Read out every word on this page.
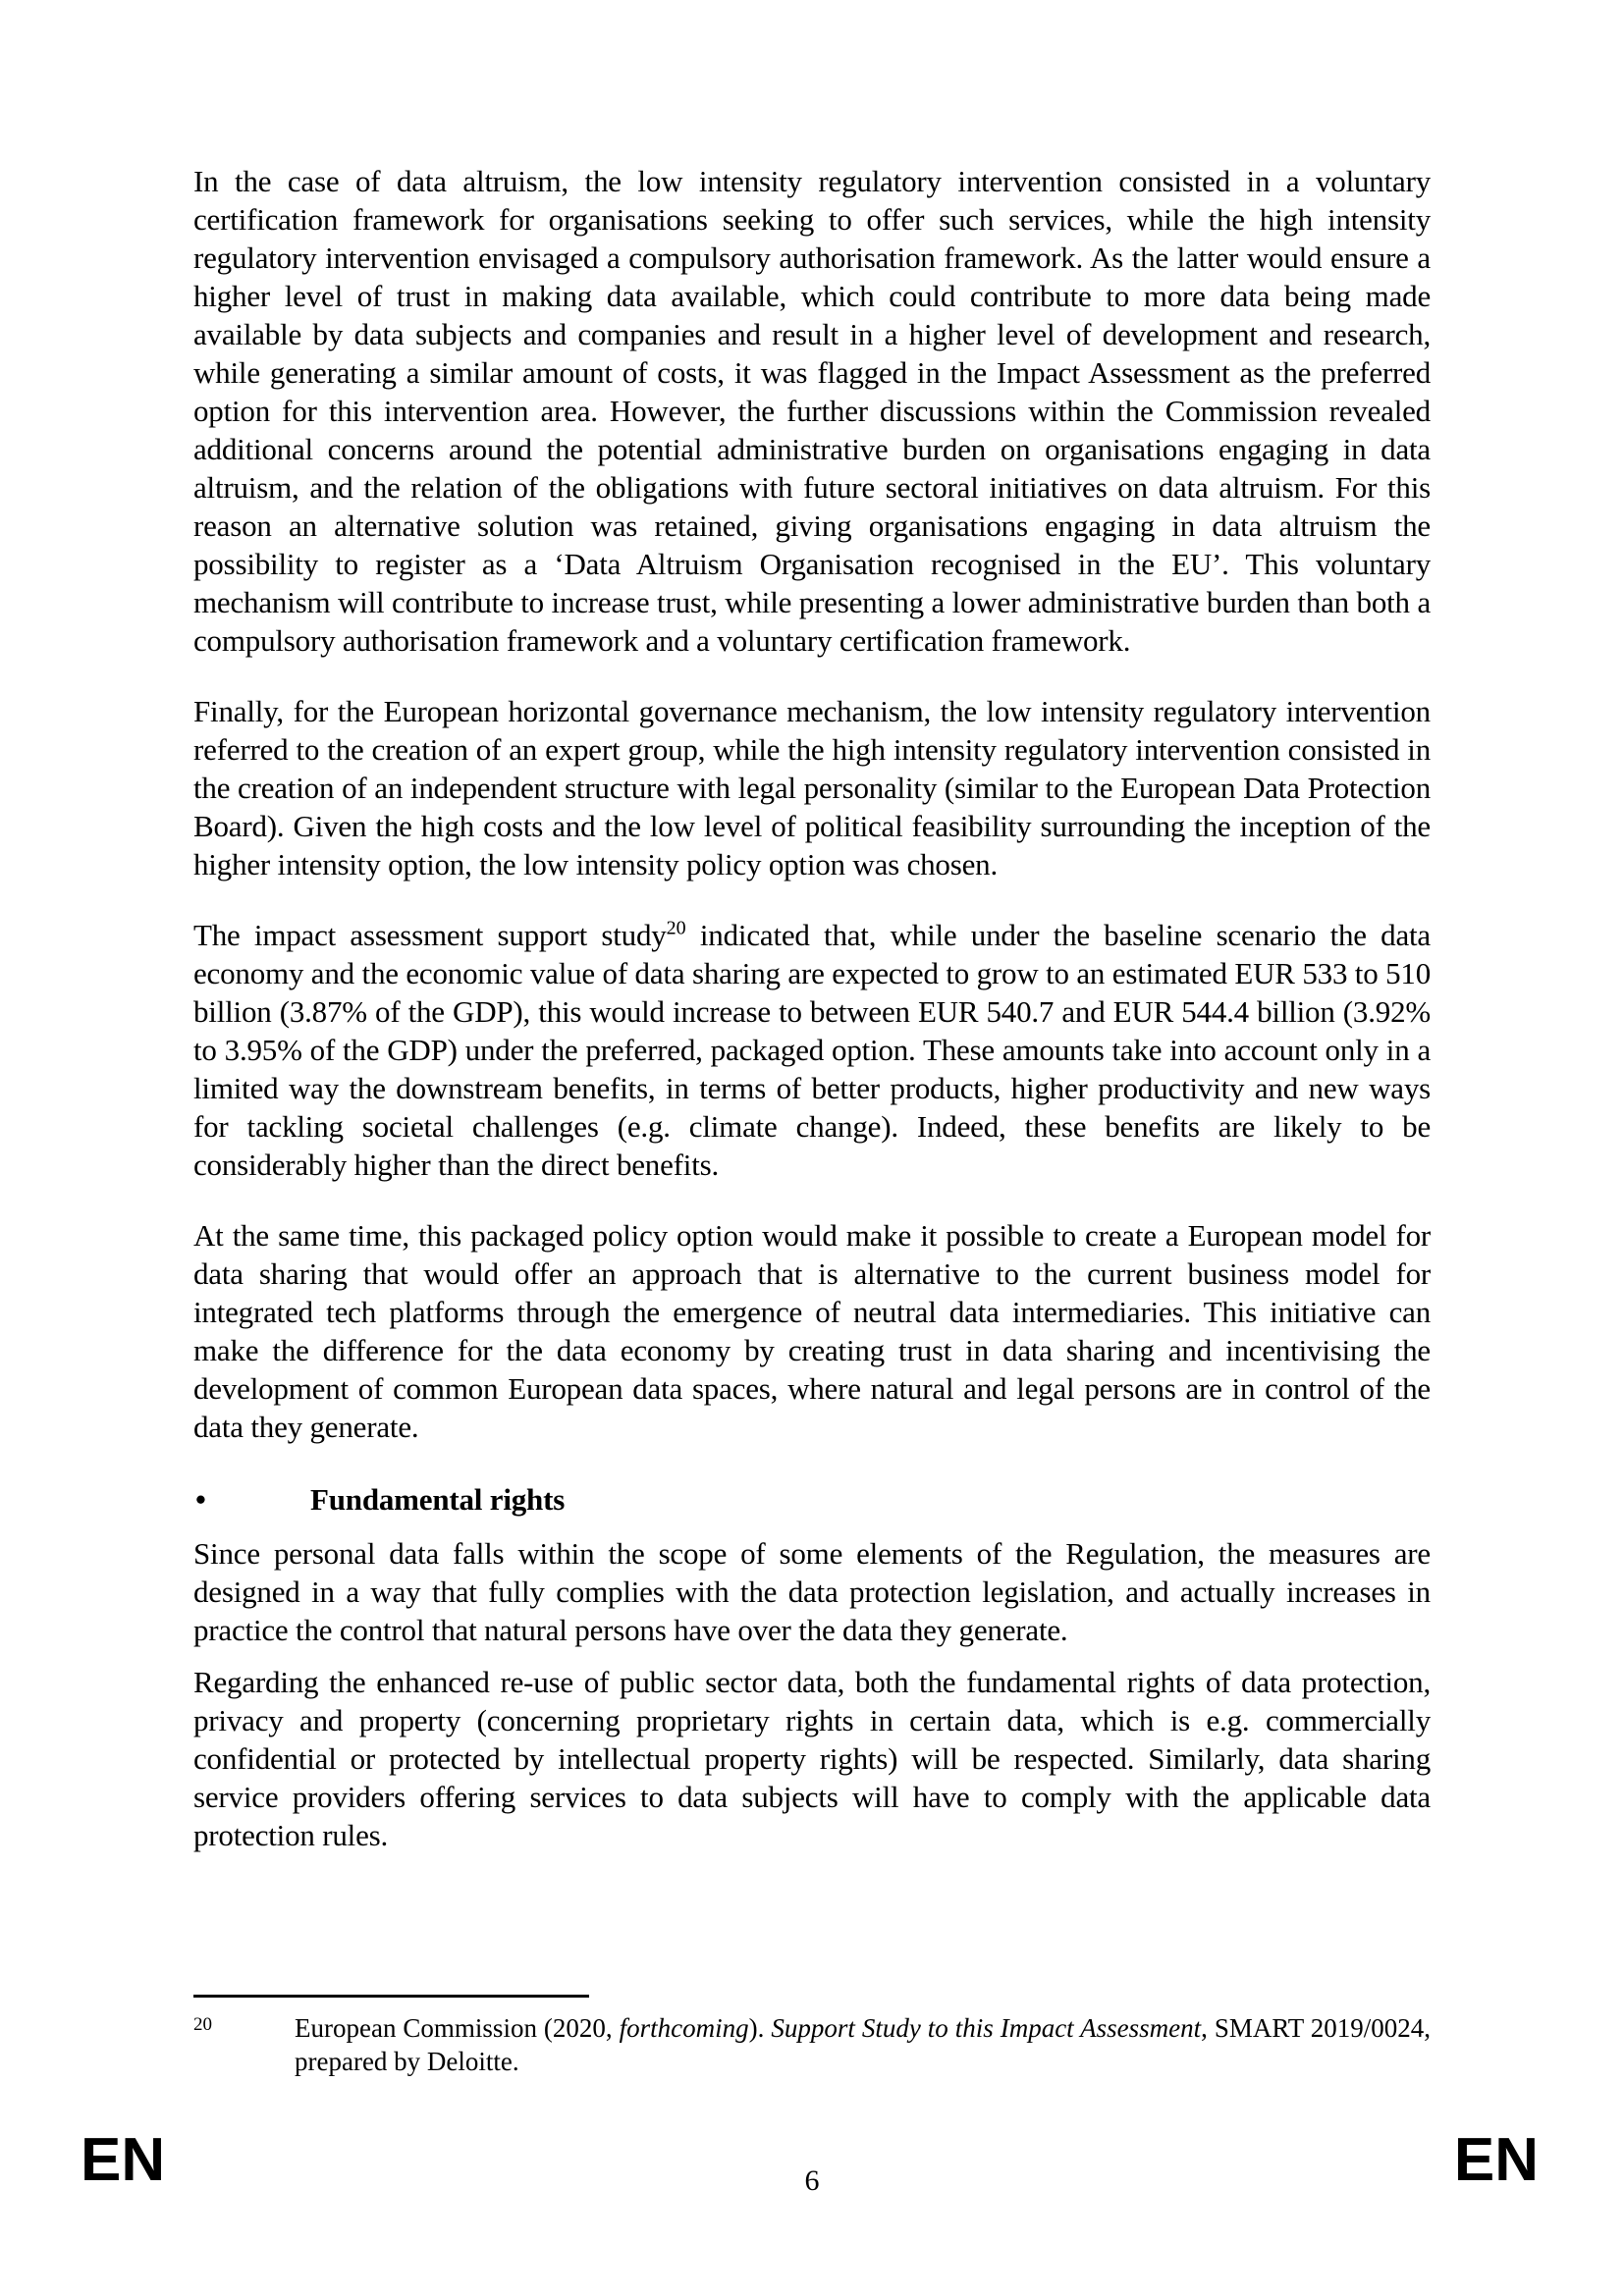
In the case of data altruism, the low intensity regulatory intervention consisted in a voluntary certification framework for organisations seeking to offer such services, while the high intensity regulatory intervention envisaged a compulsory authorisation framework. As the latter would ensure a higher level of trust in making data available, which could contribute to more data being made available by data subjects and companies and result in a higher level of development and research, while generating a similar amount of costs, it was flagged in the Impact Assessment as the preferred option for this intervention area. However, the further discussions within the Commission revealed additional concerns around the potential administrative burden on organisations engaging in data altruism, and the relation of the obligations with future sectoral initiatives on data altruism. For this reason an alternative solution was retained, giving organisations engaging in data altruism the possibility to register as a ‘Data Altruism Organisation recognised in the EU’. This voluntary mechanism will contribute to increase trust, while presenting a lower administrative burden than both a compulsory authorisation framework and a voluntary certification framework.

Finally, for the European horizontal governance mechanism, the low intensity regulatory intervention referred to the creation of an expert group, while the high intensity regulatory intervention consisted in the creation of an independent structure with legal personality (similar to the European Data Protection Board). Given the high costs and the low level of political feasibility surrounding the inception of the higher intensity option, the low intensity policy option was chosen.

The impact assessment support study$^{20}$ indicated that, while under the baseline scenario the data economy and the economic value of data sharing are expected to grow to an estimated EUR 533 to 510 billion (3.87% of the GDP), this would increase to between EUR 540.7 and EUR 544.4 billion (3.92% to 3.95% of the GDP) under the preferred, packaged option. These amounts take into account only in a limited way the downstream benefits, in terms of better products, higher productivity and new ways for tackling societal challenges (e.g. climate change). Indeed, these benefits are likely to be considerably higher than the direct benefits.

At the same time, this packaged policy option would make it possible to create a European model for data sharing that would offer an approach that is alternative to the current business model for integrated tech platforms through the emergence of neutral data intermediaries. This initiative can make the difference for the data economy by creating trust in data sharing and incentivising the development of common European data spaces, where natural and legal persons are in control of the data they generate.

•	Fundamental rights

Since personal data falls within the scope of some elements of the Regulation, the measures are designed in a way that fully complies with the data protection legislation, and actually increases in practice the control that natural persons have over the data they generate.

Regarding the enhanced re-use of public sector data, both the fundamental rights of data protection, privacy and property (concerning proprietary rights in certain data, which is e.g. commercially confidential or protected by intellectual property rights) will be respected. Similarly, data sharing service providers offering services to data subjects will have to comply with the applicable data protection rules.

20	European Commission (2020, forthcoming). Support Study to this Impact Assessment, SMART 2019/0024, prepared by Deloitte.
EN	6	EN
